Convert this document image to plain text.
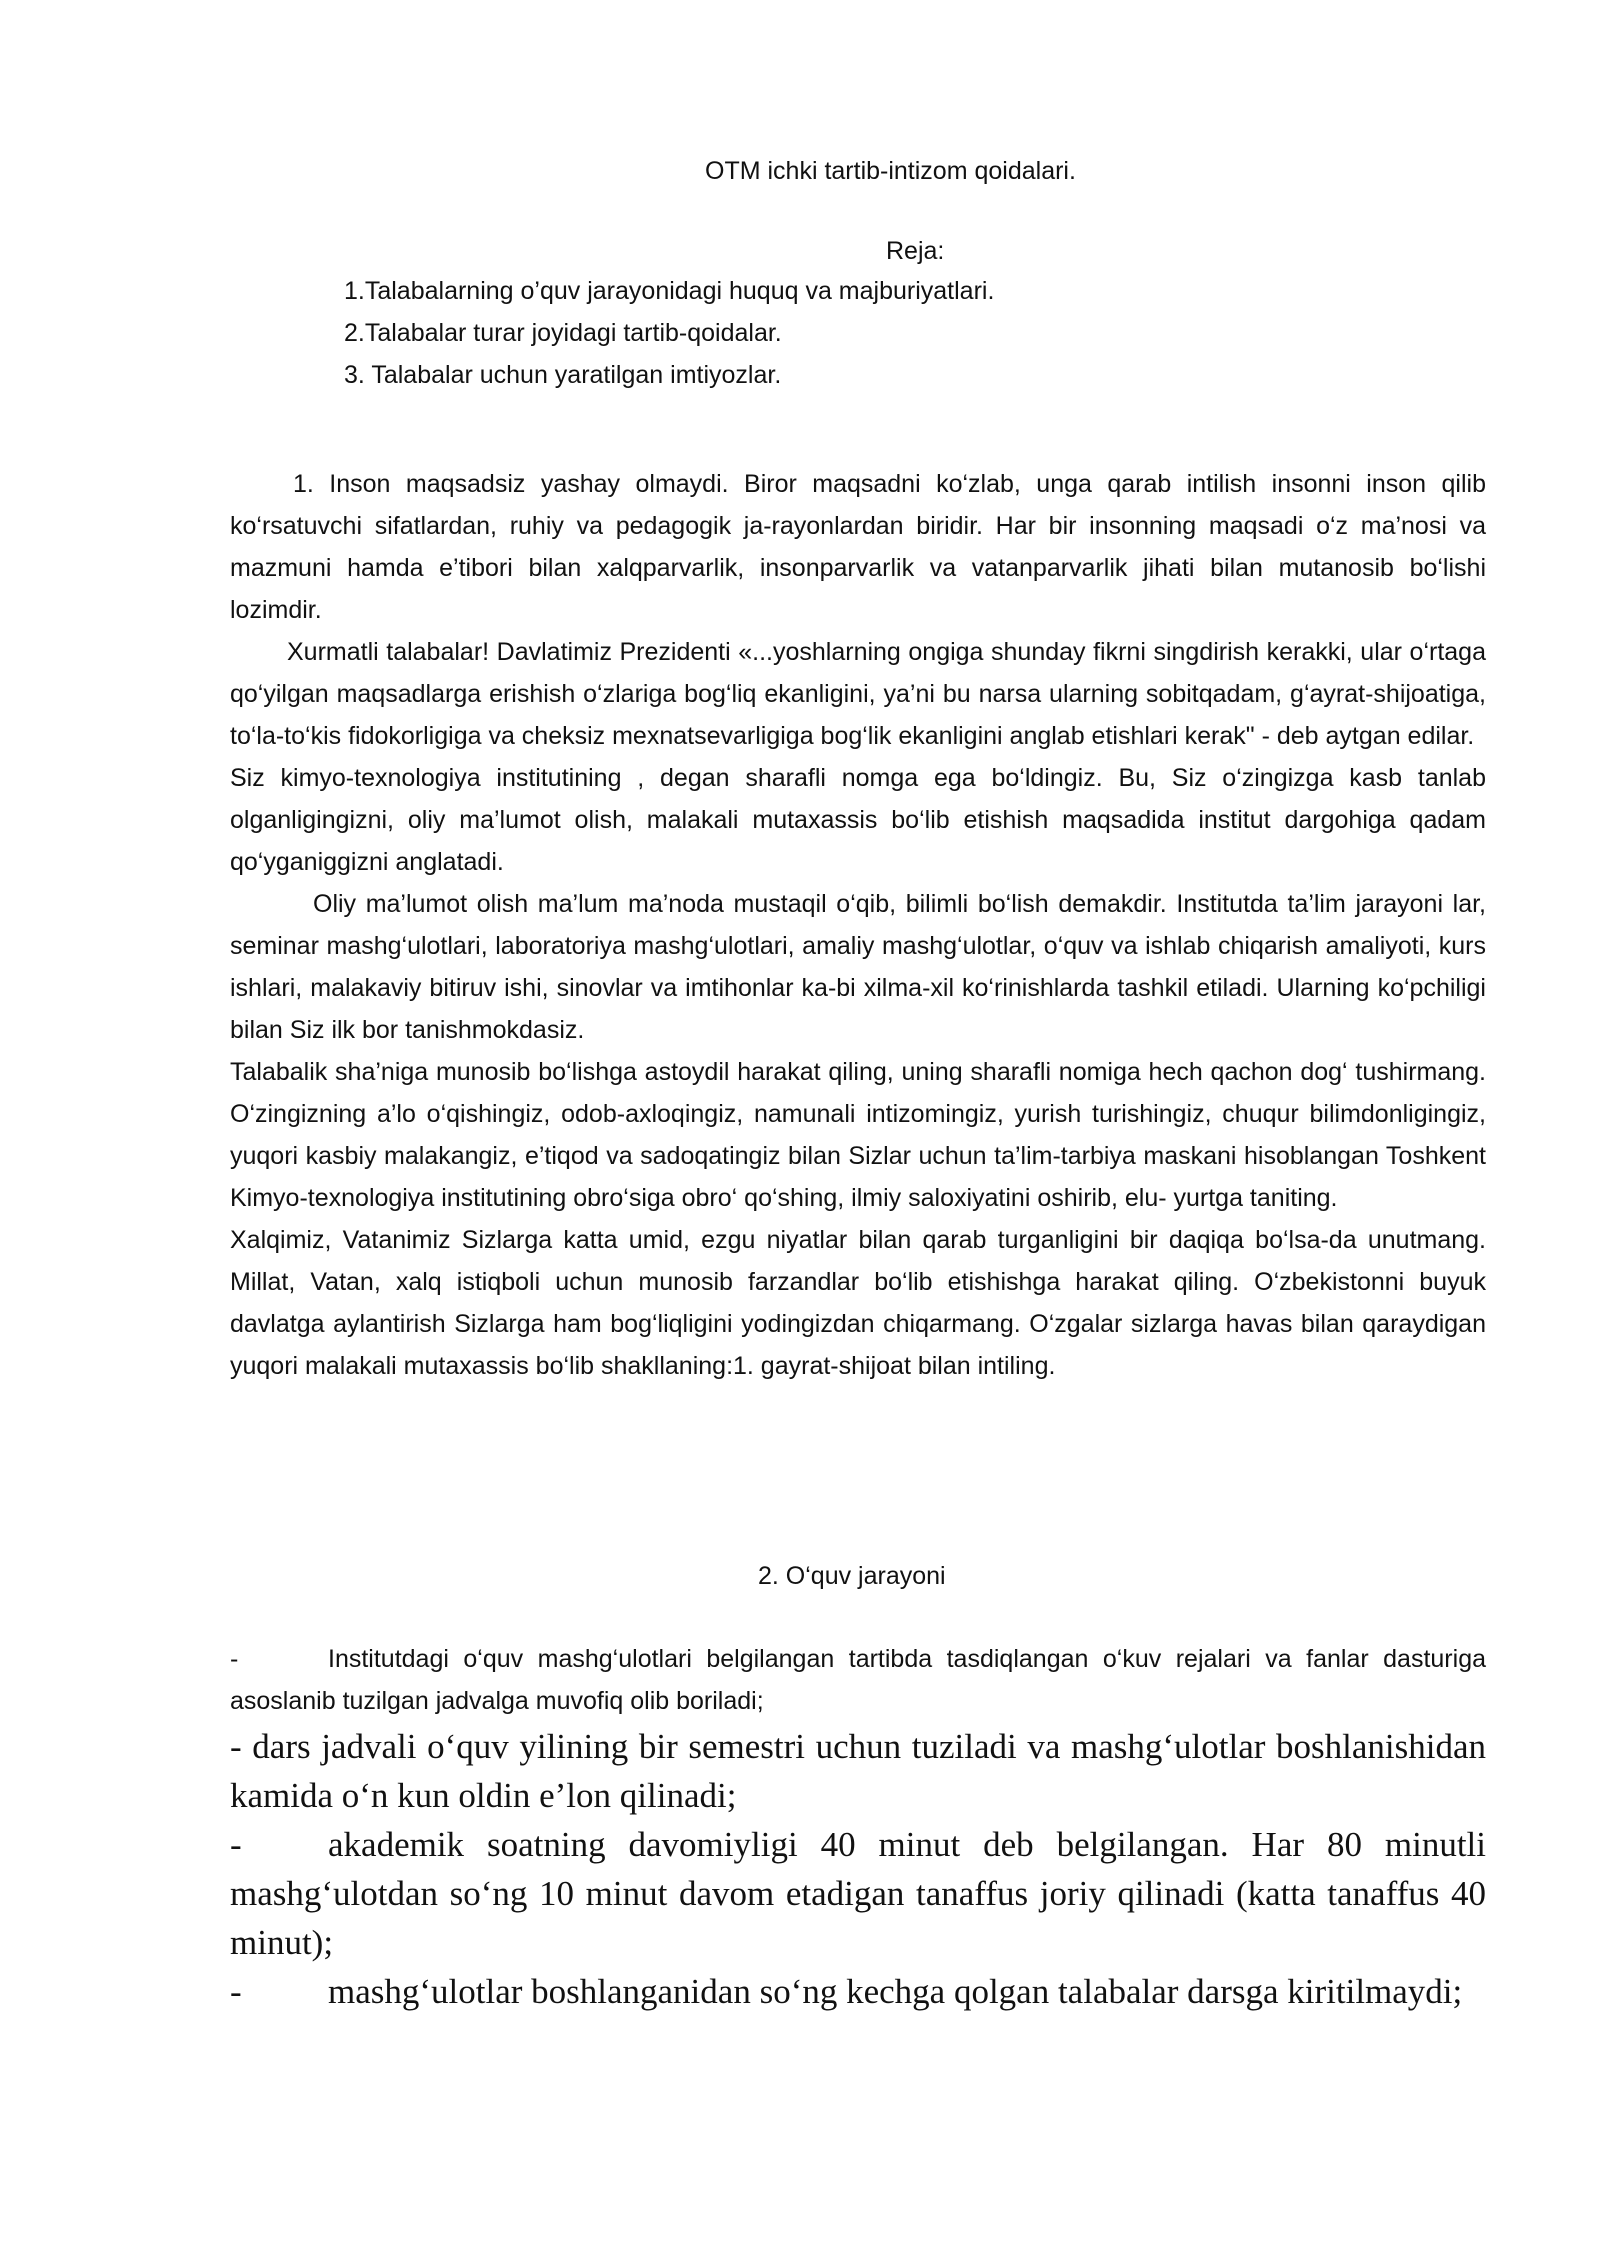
OTM ichki tartib-intizom qoidalari.
Reja:
1.Talabalarning o’quv jarayonidagi huquq va majburiyatlari.
2.Talabalar turar joyidagi tartib-qoidalar.
3. Talabalar uchun yaratilgan imtiyozlar.

1. Inson maqsadsiz yashay olmaydi. Biror maqsadni ko‘zlab, unga qarab intilish insonni inson qilib ko‘rsatuvchi sifatlardan, ruhiy va pedagogik ja-rayonlardan biridir. Har bir insonning maqsadi o‘z ma’nosi va mazmuni hamda e’tibori bilan xalqparvarlik, insonparvarlik va vatanparvarlik jihati bilan mutanosib bo‘lishi lozimdir.

Xurmatli talabalar! Davlatimiz Prezidenti «...yoshlarning ongiga shunday fikrni singdirish kerakki, ular o‘rtaga qo‘yilgan maqsadlarga erishish o‘zlariga bog‘liq ekanligini, ya’ni bu narsa ularning sobitqadam, g‘ayrat-shijoatiga, to‘la-to‘kis fidokorligiga va cheksiz mexnatsevarligiga bog‘lik ekanligini anglab etishlari kerak" - deb aytgan edilar.

Siz kimyo-texnologiya institutining , degan sharafli nomga ega bo‘ldingiz. Bu, Siz o‘zingizga kasb tanlab olganligingizni, oliy ma’lumot olish, malakali mutaxassis bo‘lib etishish maqsadida institut dargohiga qadam qo‘yganiggizni anglatadi.

Oliy ma’lumot olish ma’lum ma’noda mustaqil o‘qib, bilimli bo‘lish demakdir. Institutda ta’lim jarayoni lar, seminar mashg‘ulotlari, laboratoriya mashg‘ulotlari, amaliy mashg‘ulotlar, o‘quv va ishlab chiqarish amaliyoti, kurs ishlari, malakaviy bitiruv ishi, sinovlar va imtihonlar ka-bi xilma-xil ko‘rinishlarda tashkil etiladi. Ularning ko‘pchiligi bilan Siz ilk bor tanishmokdasiz.

Talabalik sha’niga munosib bo‘lishga astoydil harakat qiling, uning sharafli nomiga hech qachon dog‘ tushirmang. O‘zingizning a’lo o‘qishingiz, odob-axloqingiz, namunali intizomingiz, yurish turishingiz, chuqur bilimdonligingiz, yuqori kasbiy malakangiz, e’tiqod va sadoqatingiz bilan Sizlar uchun ta’lim-tarbiya maskani hisoblangan Toshkent Kimyo-texnologiya institutining obro‘siga obro‘ qo‘shing, ilmiy saloxiyatini oshirib, elu- yurtga taniting.

Xalqimiz, Vatanimiz Sizlarga katta umid, ezgu niyatlar bilan qarab turganligini bir daqiqa bo‘lsa-da unutmang. Millat, Vatan, xalq istiqboli uchun munosib farzandlar bo‘lib etishishga harakat qiling. O‘zbekistonni buyuk davlatga aylantirish Sizlarga ham bog‘liqligini yodingizdan chiqarmang. O‘zgalar sizlarga havas bilan qaraydigan yuqori malakali mutaxassis bo‘lib shakllaning:1. gayrat-shijoat bilan intiling.

2. O‘quv jarayoni

-	Institutdagi o‘quv mashg‘ulotlari belgilangan tartibda tasdiqlangan o‘kuv rejalari va fanlar dasturiga asoslanib tuzilgan jadvalga muvofiq olib boriladi;

- dars jadvali o‘quv yilining bir semestri uchun tuziladi va mashg‘ulotlar boshlanishidan kamida o‘n kun oldin e’lon qilinadi;

- akademik soatning davomiyligi 40 minut deb belgilangan. Har 80 minutli mashg‘ulotdan so‘ng 10 minut davom etadigan tanaffus joriy qilinadi (katta tanaffus 40 minut);

- mashg‘ulotlar boshlanganidan so‘ng kechga qolgan talabalar darsga kiritilmaydi;
